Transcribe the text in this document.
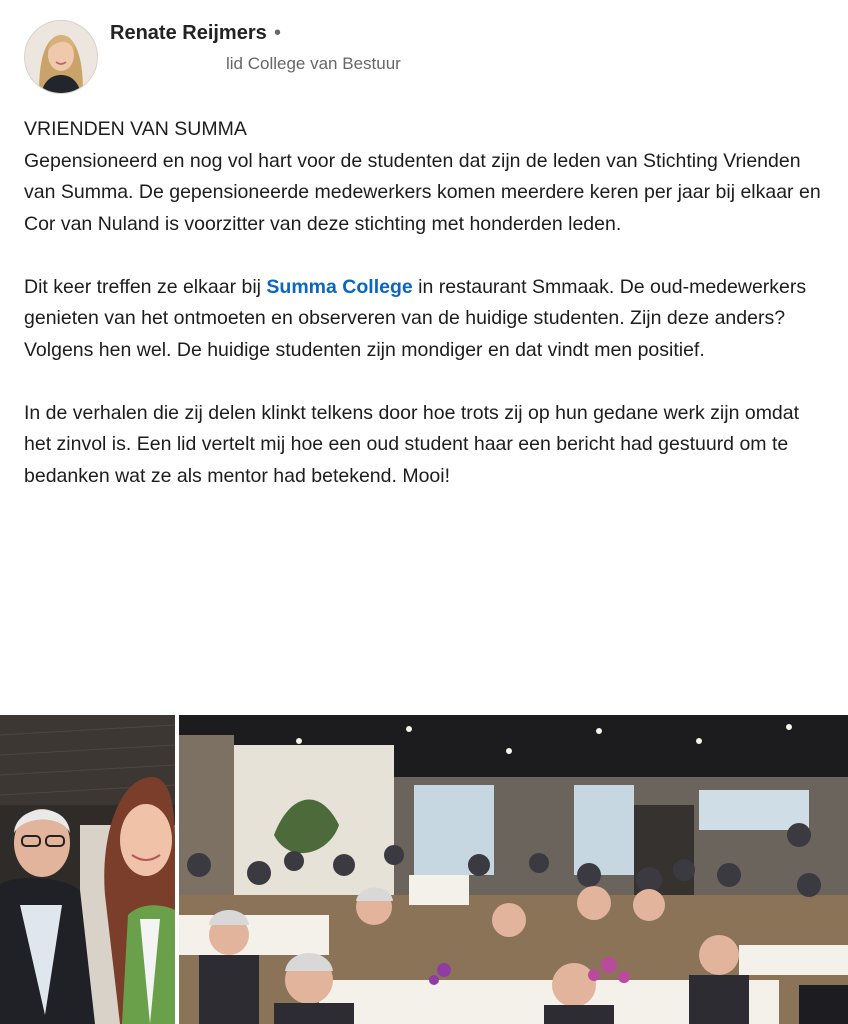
Renate Reijmers •
lid College van Bestuur

VRIENDEN VAN SUMMA
Gepensioneerd en nog vol hart voor de studenten dat zijn de leden van Stichting Vrienden van Summa. De gepensioneerde medewerkers komen meerdere keren per jaar bij elkaar en Cor van Nuland is voorzitter van deze stichting met honderden leden.

Dit keer treffen ze elkaar bij Summa College in restaurant Smmaak. De oud-medewerkers genieten van het ontmoeten en observeren van de huidige studenten. Zijn deze anders? Volgens hen wel. De huidige studenten zijn mondiger en dat vindt men positief.

In de verhalen die zij delen klinkt telkens door hoe trots zij op hun gedane werk zijn omdat het zinvol is. Een lid vertelt mij hoe een oud student haar een bericht had gestuurd om te bedanken wat ze als mentor had betekend. Mooi!
